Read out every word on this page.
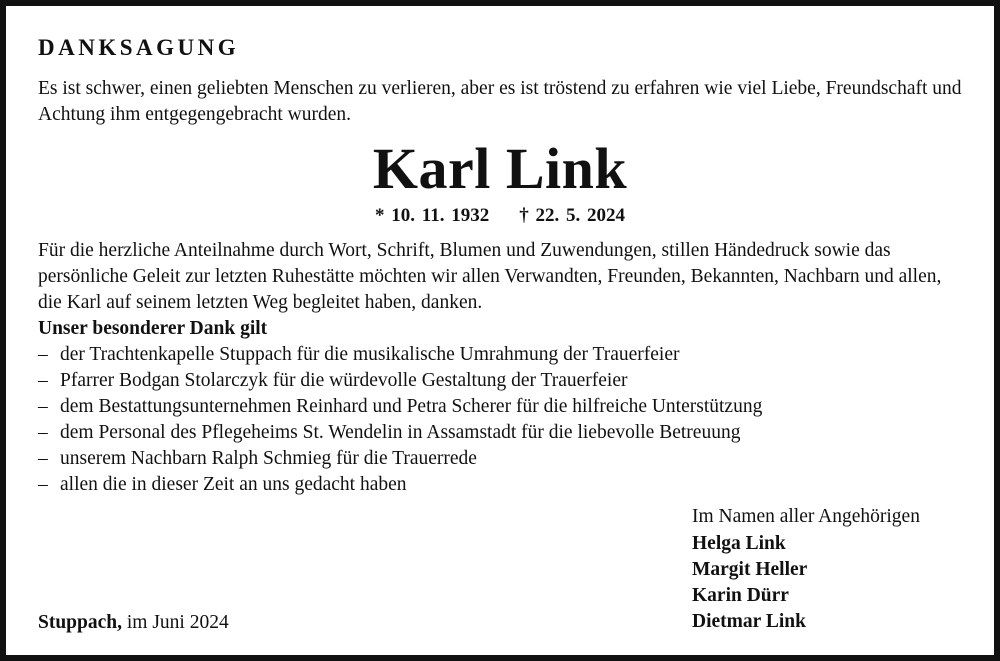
DANKSAGUNG

Es ist schwer, einen geliebten Menschen zu verlieren, aber es ist tröstend zu erfahren wie viel Liebe, Freundschaft und Achtung ihm entgegengebracht wurden.

Karl Link
* 10. 11. 1932 † 22. 5. 2024

Für die herzliche Anteilnahme durch Wort, Schrift, Blumen und Zuwendungen, stillen Händedruck sowie das persönliche Geleit zur letzten Ruhestätte möchten wir allen Verwandten, Freunden, Bekannten, Nachbarn und allen, die Karl auf seinem letzten Weg begleitet haben, danken.

Unser besonderer Dank gilt
– der Trachtenkapelle Stuppach für die musikalische Umrahmung der Trauerfeier
– Pfarrer Bodgan Stolarczyk für die würdevolle Gestaltung der Trauerfeier
– dem Bestattungsunternehmen Reinhard und Petra Scherer für die hilfreiche Unterstützung
– dem Personal des Pflegeheims St. Wendelin in Assamstadt für die liebevolle Betreuung
– unserem Nachbarn Ralph Schmieg für die Trauerrede
– allen die in dieser Zeit an uns gedacht haben
Im Namen aller Angehörigen
Helga Link
Margit Heller
Karin Dürr
Dietmar Link
Stuppach, im Juni 2024
